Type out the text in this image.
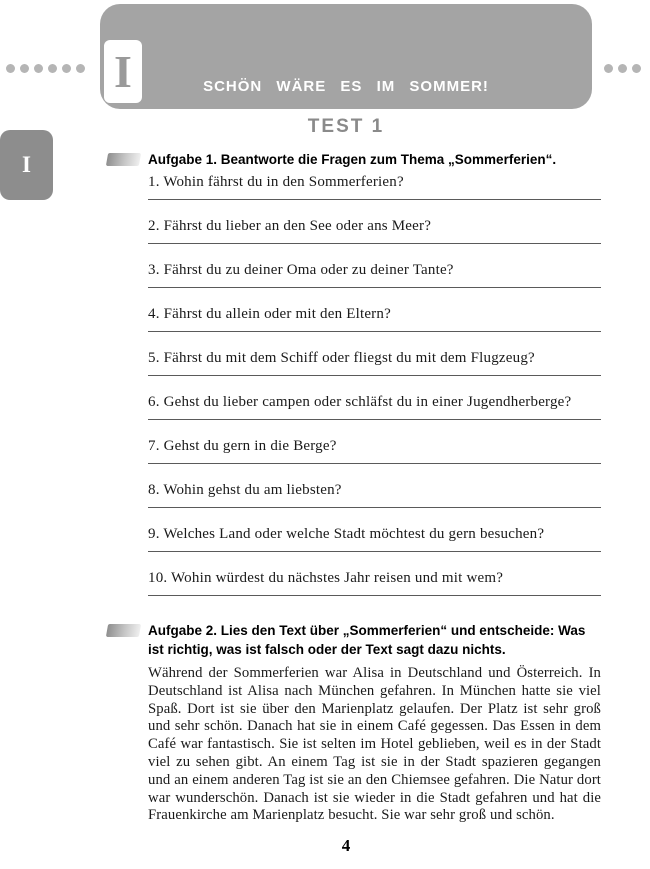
I	SCHÖN WÄRE ES IM SOMMER!
I
TEST 1

Aufgabe 1. Beantworte die Fragen zum Thema „Sommerferien“.

1. Wohin fährst du in den Sommerferien?

2. Fährst du lieber an den See oder ans Meer?

3. Fährst du zu deiner Oma oder zu deiner Tante?

4. Fährst du allein oder mit den Eltern?

5. Fährst du mit dem Schiff oder fliegst du mit dem Flugzeug?

6. Gehst du lieber campen oder schläfst du in einer Jugendherberge?

7. Gehst du gern in die Berge?

8. Wohin gehst du am liebsten?

9. Welches Land oder welche Stadt möchtest du gern besuchen?

10. Wohin würdest du nächstes Jahr reisen und mit wem?

Aufgabe 2. Lies den Text über „Sommerferien“ und entscheide: Was ist richtig, was ist falsch oder der Text sagt dazu nichts.

Während der Sommerferien war Alisa in Deutschland und Österreich. In Deutschland ist Alisa nach München gefahren. In München hatte sie viel Spaß. Dort ist sie über den Marienplatz gelaufen. Der Platz ist sehr groß und sehr schön. Danach hat sie in einem Café gegessen. Das Essen in dem Café war fantastisch. Sie ist selten im Hotel geblieben, weil es in der Stadt viel zu sehen gibt. An einem Tag ist sie in der Stadt spazieren gegangen und an einem anderen Tag ist sie an den Chiemsee gefahren. Die Natur dort war wunderschön. Danach ist sie wieder in die Stadt gefahren und hat die Frauenkirche am Marienplatz besucht. Sie war sehr groß und schön.

4
